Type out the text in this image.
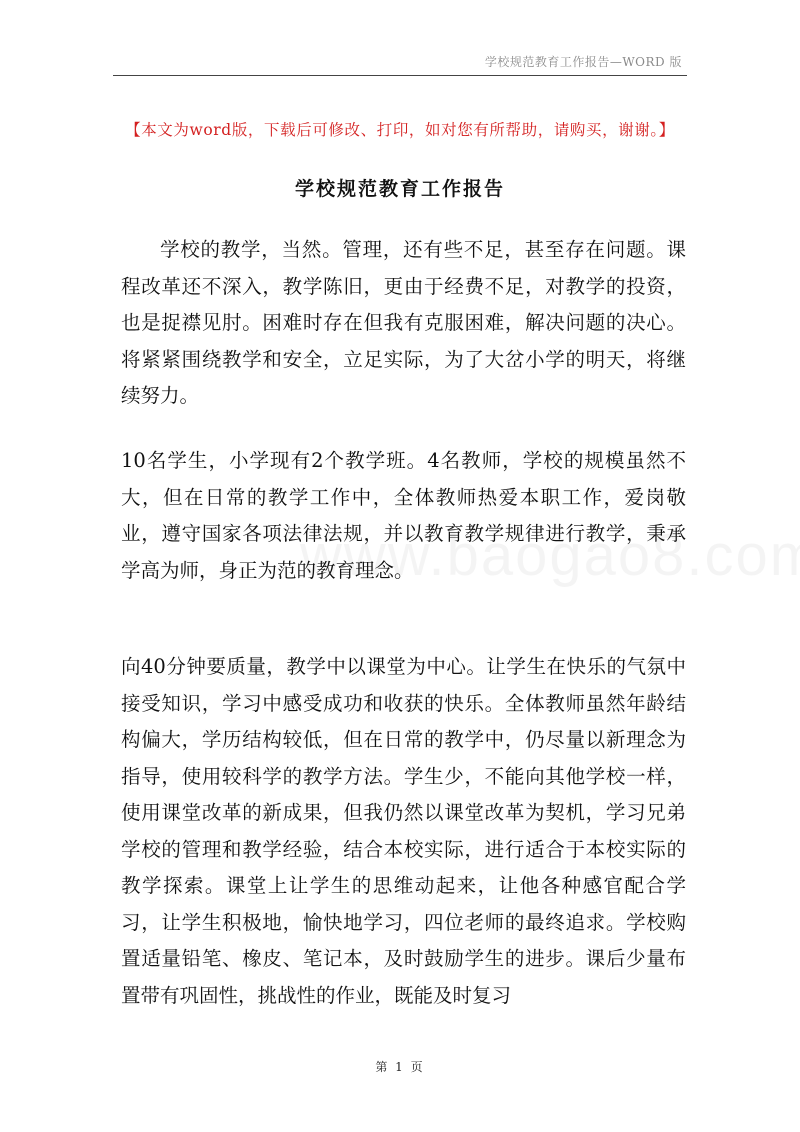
学校规范教育工作报告—WORD 版
【本文为word版，下载后可修改、打印，如对您有所帮助，请购买，谢谢。】
学校规范教育工作报告

学校的教学，当然。管理，还有些不足，甚至存在问题。课程改革还不深入，教学陈旧，更由于经费不足，对教学的投资，也是捉襟见肘。困难时存在但我有克服困难，解决问题的决心。将紧紧围绕教学和安全，立足实际，为了大岔小学的明天，将继续努力。

10名学生，小学现有2个教学班。4名教师，学校的规模虽然不大，但在日常的教学工作中，全体教师热爱本职工作，爱岗敬业，遵守国家各项法律法规，并以教育教学规律进行教学，秉承学高为师，身正为范的教育理念。

向40分钟要质量，教学中以课堂为中心。让学生在快乐的气氛中接受知识，学习中感受成功和收获的快乐。全体教师虽然年龄结构偏大，学历结构较低，但在日常的教学中，仍尽量以新理念为指导，使用较科学的教学方法。学生少，不能向其他学校一样，使用课堂改革的新成果，但我仍然以课堂改革为契机，学习兄弟学校的管理和教学经验，结合本校实际，进行适合于本校实际的教学探索。课堂上让学生的思维动起来，让他各种感官配合学习，让学生积极地，愉快地学习，四位老师的最终追求。学校购置适量铅笔、橡皮、笔记本，及时鼓励学生的进步。课后少量布置带有巩固性，挑战性的作业，既能及时复习

第 1 页
